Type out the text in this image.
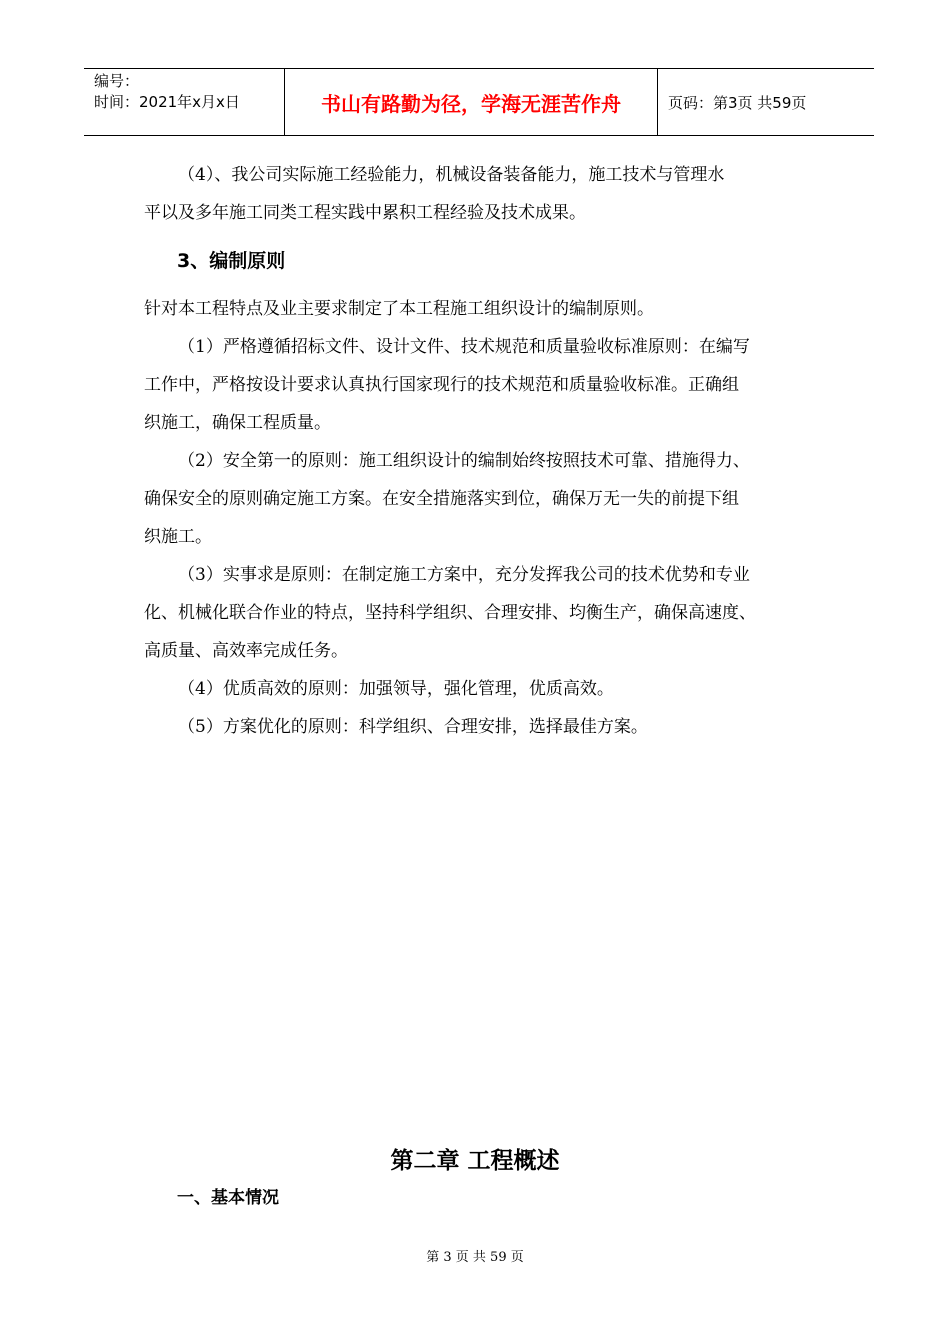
编号：
时间：2021年x月x日	书山有路勤为径，学海无涯苦作舟	页码：第3页 共59页

（4）、我公司实际施工经验能力，机械设备装备能力，施工技术与管理水

平以及多年施工同类工程实践中累积工程经验及技术成果。

3、编制原则

针对本工程特点及业主要求制定了本工程施工组织设计的编制原则。

（1）严格遵循招标文件、设计文件、技术规范和质量验收标准原则：在编写

工作中，严格按设计要求认真执行国家现行的技术规范和质量验收标准。正确组

织施工，确保工程质量。

（2）安全第一的原则：施工组织设计的编制始终按照技术可靠、措施得力、

确保安全的原则确定施工方案。在安全措施落实到位，确保万无一失的前提下组

织施工。

（3）实事求是原则：在制定施工方案中，充分发挥我公司的技术优势和专业

化、机械化联合作业的特点，坚持科学组织、合理安排、均衡生产，确保高速度、

高质量、高效率完成任务。

（4）优质高效的原则：加强领导，强化管理，优质高效。

（5）方案优化的原则：科学组织、合理安排，选择最佳方案。

第二章 工程概述
一、基本情况
第 3 页 共 59 页
